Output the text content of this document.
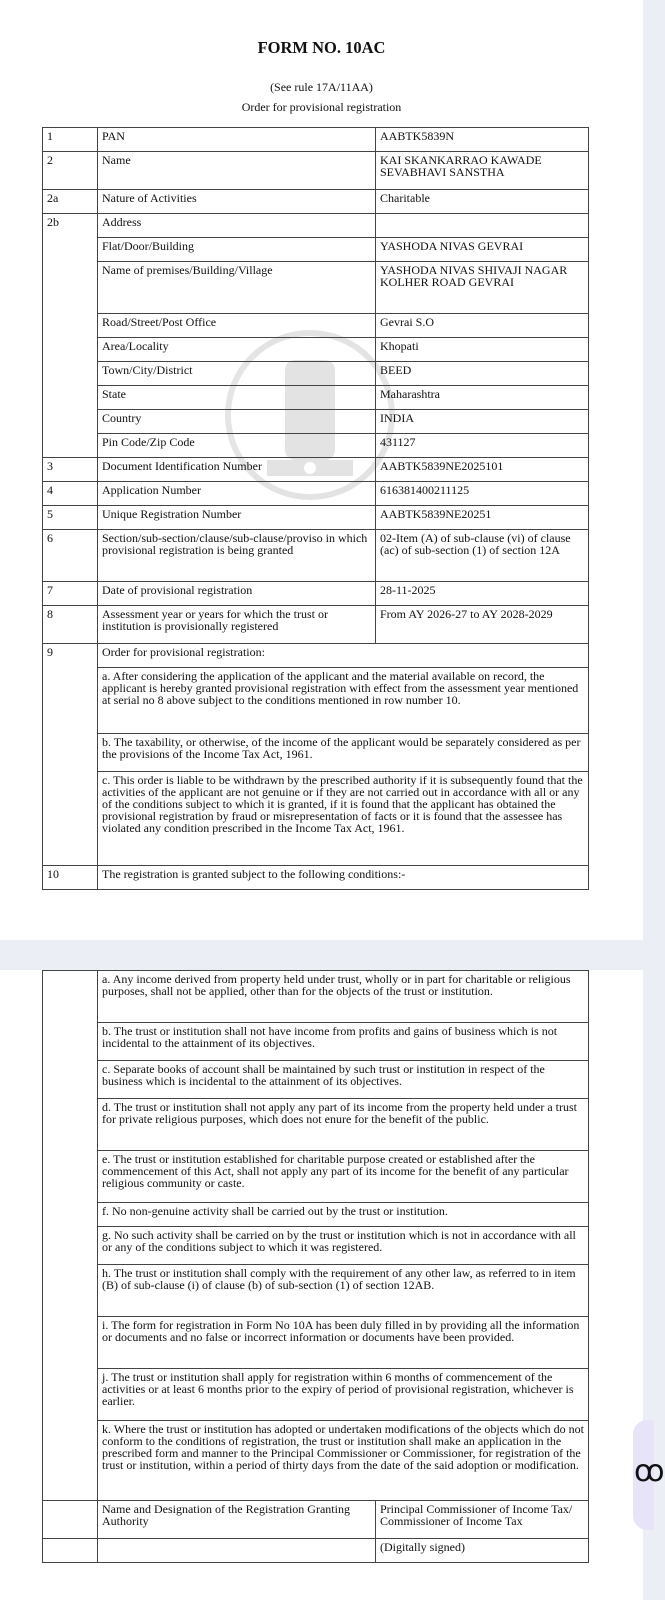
FORM NO. 10AC
(See rule 17A/11AA)
Order for provisional registration
1	PAN	AABTK5839N
2	Name	KAI SKANKARRAO KAWADE SEVABHAVI SANSTHA
2a	Nature of Activities	Charitable
2b	Address	
	Flat/Door/Building	YASHODA NIVAS GEVRAI
	Name of premises/Building/Village	YASHODA NIVAS SHIVAJI NAGAR KOLHER ROAD GEVRAI
	Road/Street/Post Office	Gevrai S.O
	Area/Locality	Khopati
	Town/City/District	BEED
	State	Maharashtra
	Country	INDIA
	Pin Code/Zip Code	431127
3	Document Identification Number	AABTK5839NE2025101
4	Application Number	616381400211125
5	Unique Registration Number	AABTK5839NE20251
6	Section/sub-section/clause/sub-clause/proviso in which provisional registration is being granted	02-Item (A) of sub-clause (vi) of clause (ac) of sub-section (1) of section 12A
7	Date of provisional registration	28-11-2025
8	Assessment year or years for which the trust or institution is provisionally registered	From AY 2026-27 to AY 2028-2029
9	Order for provisional registration:	
	a. After considering the application of the applicant and the material available on record, the applicant is hereby granted provisional registration with effect from the assessment year mentioned at serial no 8 above subject to the conditions mentioned in row number 10.	
	b. The taxability, or otherwise, of the income of the applicant would be separately considered as per the provisions of the Income Tax Act, 1961.	
	c. This order is liable to be withdrawn by the prescribed authority if it is subsequently found that the activities of the applicant are not genuine or if they are not carried out in accordance with all or any of the conditions subject to which it is granted, if it is found that the applicant has obtained the provisional registration by fraud or misrepresentation of facts or it is found that the assessee has violated any condition prescribed in the Income Tax Act, 1961.	
10	The registration is granted subject to the following conditions:-	
	a. Any income derived from property held under trust, wholly or in part for charitable or religious purposes, shall not be applied, other than for the objects of the trust or institution.	
	b. The trust or institution shall not have income from profits and gains of business which is not incidental to the attainment of its objectives.	
	c. Separate books of account shall be maintained by such trust or institution in respect of the business which is incidental to the attainment of its objectives.	
	d. The trust or institution shall not apply any part of its income from the property held under a trust for private religious purposes, which does not enure for the benefit of the public.	
	e. The trust or institution established for charitable purpose created or established after the commencement of this Act, shall not apply any part of its income for the benefit of any particular religious community or caste.	
	f. No non-genuine activity shall be carried out by the trust or institution.	
	g. No such activity shall be carried on by the trust or institution which is not in accordance with all or any of the conditions subject to which it was registered.	
	h. The trust or institution shall comply with the requirement of any other law, as referred to in item (B) of sub-clause (i) of clause (b) of sub-section (1) of section 12AB.	
	i. The form for registration in Form No 10A has been duly filled in by providing all the information or documents and no false or incorrect information or documents have been provided.	
	j. The trust or institution shall apply for registration within 6 months of commencement of the activities or at least 6 months prior to the expiry of period of provisional registration, whichever is earlier.	
	k. Where the trust or institution has adopted or undertaken modifications of the objects which do not conform to the conditions of registration, the trust or institution shall make an application in the prescribed form and manner to the Principal Commissioner or Commissioner, for registration of the trust or institution, within a period of thirty days from the date of the said adoption or modification.	
	Name and Designation of the Registration Granting Authority	Principal Commissioner of Income Tax/ Commissioner of Income Tax
		(Digitally signed)
ꝏ
